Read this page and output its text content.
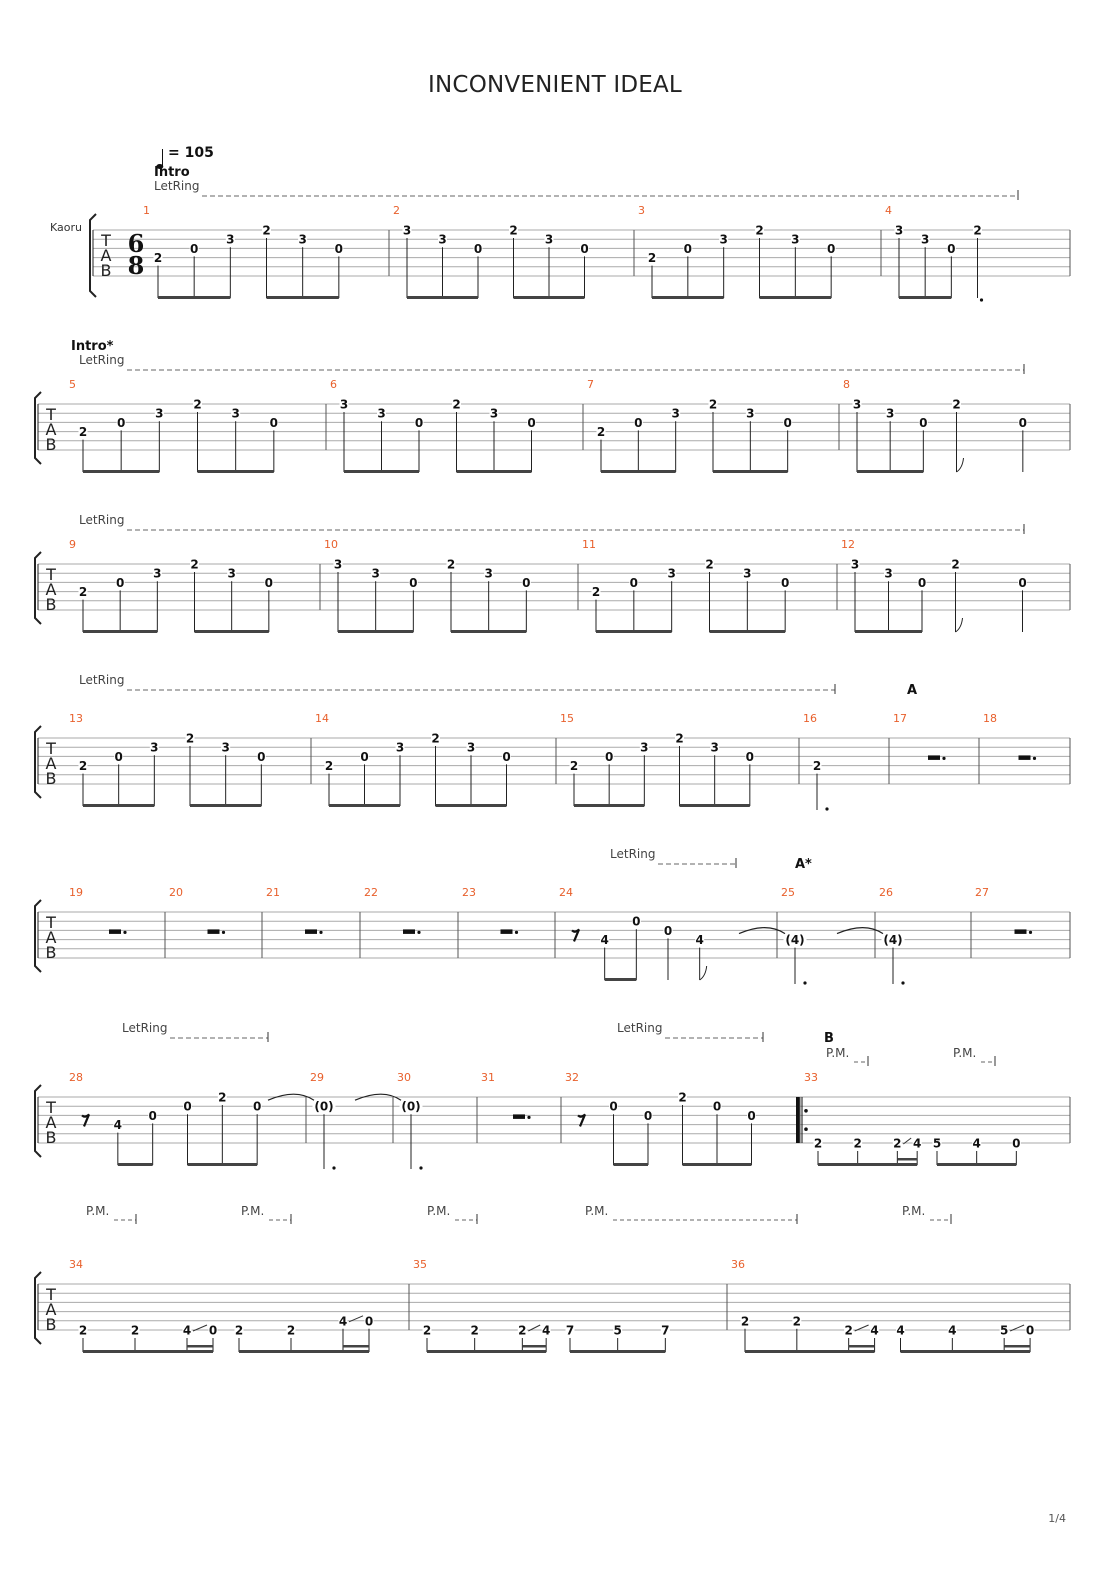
INCONVENIENT IDEAL
= 105
Kaoru
T
A
B
6
8
1
2
0
3
2
3
0
2
3
3
0
2
3
0
3
2
0
3
2
3
0
4
3
3
0
2
Intro
LetRing
T
A
B
5
2
0
3
2
3
0
6
3
3
0
2
3
0
7
2
0
3
2
3
0
8
3
3
0
2
0
Intro*
LetRing
T
A
B
9
2
0
3
2
3
0
10
3
3
0
2
3
0
11
2
0
3
2
3
0
12
3
3
0
2
0
LetRing
T
A
B
13
2
0
3
2
3
0
14
2
0
3
2
3
0
15
2
0
3
2
3
0
16
2
17	18
A
LetRing
T
A
B
19	20	21	22	23	24
4
0
0
4
25
(4)
26
(4)
27
A*
LetRing
T
A
B
28
4
0
0
2
0
29
(0)
30
(0)
31	32
0
0
2
0
0
33
2	2	2 4 5	4	0
B
LetRing	LetRing
P.M.	P.M.
T
A
B
34
2	2	4 0 2	2
4 0
35
2	2	2 4 7	5	7
36
2	2
2 4 4	4	5 0
P.M.	P.M.	P.M.	P.M.	P.M.
1/4
